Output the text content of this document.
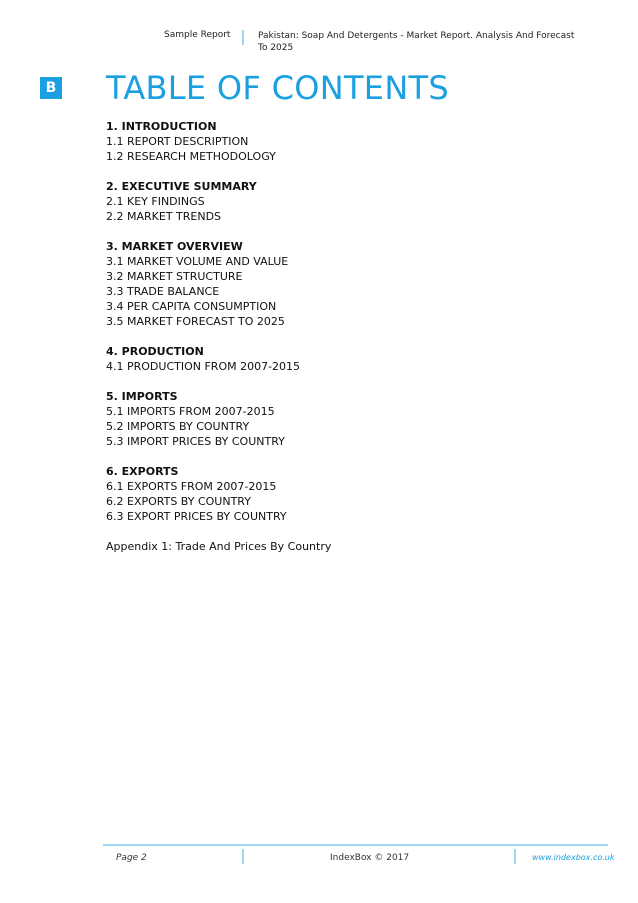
Sample Report	Pakistan: Soap And Detergents - Market Report. Analysis And Forecast
To 2025
B TABLE OF CONTENTS
1. INTRODUCTION
1.1 REPORT DESCRIPTION
1.2 RESEARCH METHODOLOGY
2. EXECUTIVE SUMMARY
2.1 KEY FINDINGS
2.2 MARKET TRENDS
3. MARKET OVERVIEW
3.1 MARKET VOLUME AND VALUE
3.2 MARKET STRUCTURE
3.3 TRADE BALANCE
3.4 PER CAPITA CONSUMPTION
3.5 MARKET FORECAST TO 2025
4. PRODUCTION
4.1 PRODUCTION FROM 2007-2015
5. IMPORTS
5.1 IMPORTS FROM 2007-2015
5.2 IMPORTS BY COUNTRY
5.3 IMPORT PRICES BY COUNTRY
6. EXPORTS
6.1 EXPORTS FROM 2007-2015
6.2 EXPORTS BY COUNTRY
6.3 EXPORT PRICES BY COUNTRY
Appendix 1: Trade And Prices By Country
Page 2	IndexBox © 2017	www.indexbox.co.uk
